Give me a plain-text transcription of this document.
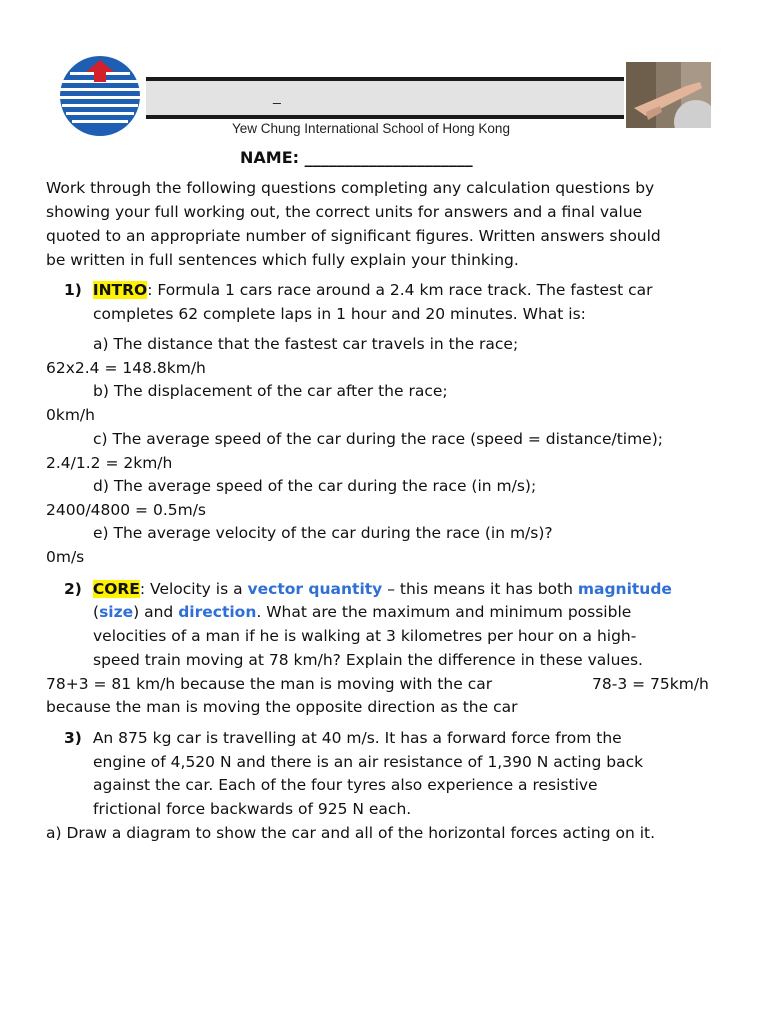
_
Yew Chung International School of Hong Kong
NAME: _____________________
Work through the following questions completing any calculation questions by
showing your full working out, the correct units for answers and a final value
quoted to an appropriate number of significant figures. Written answers should
be written in full sentences which fully explain your thinking.
1) INTRO: Formula 1 cars race around a 2.4 km race track. The fastest car
completes 62 complete laps in 1 hour and 20 minutes. What is:
a) The distance that the fastest car travels in the race;
62x2.4 = 148.8km/h
b) The displacement of the car after the race;
0km/h
c) The average speed of the car during the race (speed = distance/time);
2.4/1.2 = 2km/h
d) The average speed of the car during the race (in m/s);
2400/4800 = 0.5m/s
e) The average velocity of the car during the race (in m/s)?
0m/s
2) CORE: Velocity is a vector quantity – this means it has both magnitude
(size) and direction. What are the maximum and minimum possible
velocities of a man if he is walking at 3 kilometres per hour on a high-
speed train moving at 78 km/h? Explain the difference in these values.
78+3 = 81 km/h because the man is moving with the car	78-3 = 75km/h
because the man is moving the opposite direction as the car
3) An 875 kg car is travelling at 40 m/s. It has a forward force from the
engine of 4,520 N and there is an air resistance of 1,390 N acting back
against the car. Each of the four tyres also experience a resistive
frictional force backwards of 925 N each.
a) Draw a diagram to show the car and all of the horizontal forces acting on it.
